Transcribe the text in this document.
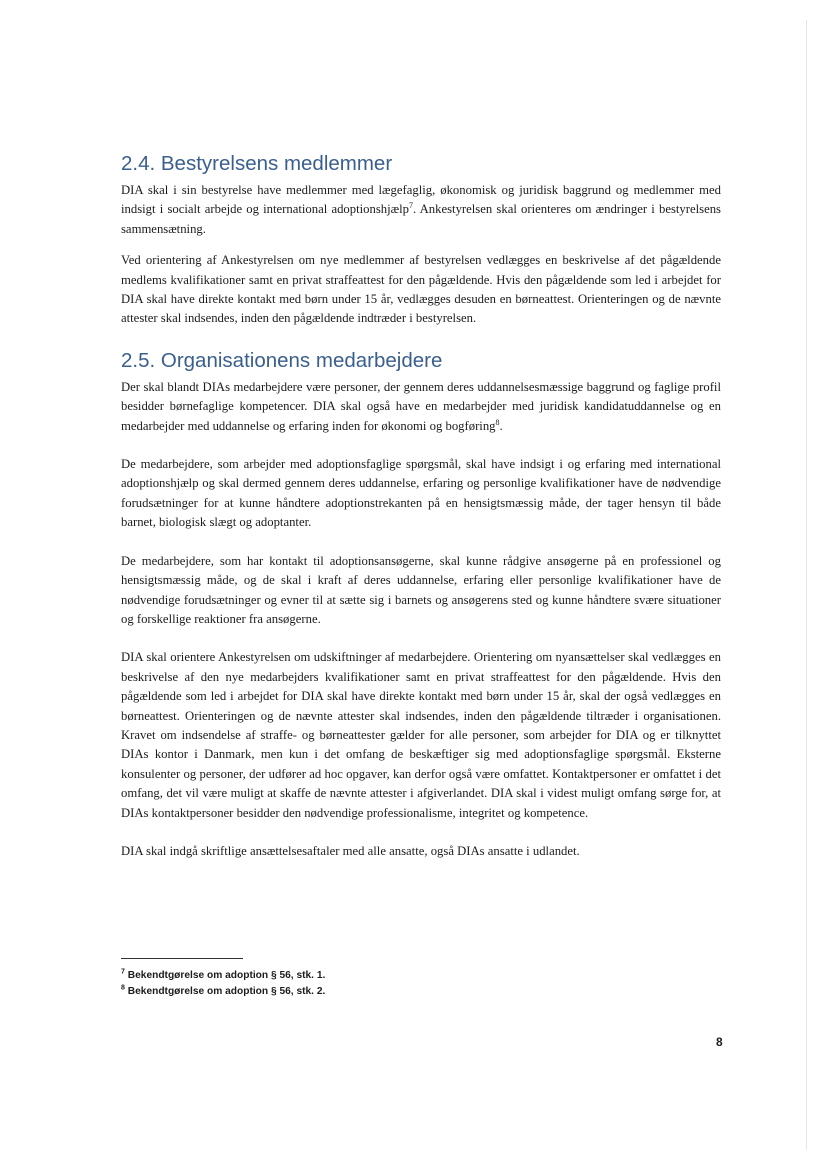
2.4. Bestyrelsens medlemmer

DIA skal i sin bestyrelse have medlemmer med lægefaglig, økonomisk og juridisk baggrund og medlemmer med indsigt i socialt arbejde og international adoptionshjælp$^7$. Ankestyrelsen skal orienteres om ændringer i bestyrelsens sammensætning.

Ved orientering af Ankestyrelsen om nye medlemmer af bestyrelsen vedlægges en beskrivelse af det pågældende medlems kvalifikationer samt en privat straffeattest for den pågældende. Hvis den pågældende som led i arbejdet for DIA skal have direkte kontakt med børn under 15 år, vedlægges desuden en børneattest. Orienteringen og de nævnte attester skal indsendes, inden den pågældende indtræder i bestyrelsen.

2.5. Organisationens medarbejdere

Der skal blandt DIAs medarbejdere være personer, der gennem deres uddannelsesmæssige baggrund og faglige profil besidder børnefaglige kompetencer. DIA skal også have en medarbejder med juridisk kandidatuddannelse og en medarbejder med uddannelse og erfaring inden for økonomi og bogføring$^8$.

De medarbejdere, som arbejder med adoptionsfaglige spørgsmål, skal have indsigt i og erfaring med international adoptionshjælp og skal dermed gennem deres uddannelse, erfaring og personlige kvalifikationer have de nødvendige forudsætninger for at kunne håndtere adoptionstrekanten på en hensigtsmæssig måde, der tager hensyn til både barnet, biologisk slægt og adoptanter.

De medarbejdere, som har kontakt til adoptionsansøgerne, skal kunne rådgive ansøgerne på en professionel og hensigtsmæssig måde, og de skal i kraft af deres uddannelse, erfaring eller personlige kvalifikationer have de nødvendige forudsætninger og evner til at sætte sig i barnets og ansøgerens sted og kunne håndtere svære situationer og forskellige reaktioner fra ansøgerne.

DIA skal orientere Ankestyrelsen om udskiftninger af medarbejdere. Orientering om nyansættelser skal vedlægges en beskrivelse af den nye medarbejders kvalifikationer samt en privat straffeattest for den pågældende. Hvis den pågældende som led i arbejdet for DIA skal have direkte kontakt med børn under 15 år, skal der også vedlægges en børneattest. Orienteringen og de nævnte attester skal indsendes, inden den pågældende tiltræder i organisationen. Kravet om indsendelse af straffe- og børneattester gælder for alle personer, som arbejder for DIA og er tilknyttet DIAs kontor i Danmark, men kun i det omfang de beskæftiger sig med adoptionsfaglige spørgsmål. Eksterne konsulenter og personer, der udfører ad hoc opgaver, kan derfor også være omfattet. Kontaktpersoner er omfattet i det omfang, det vil være muligt at skaffe de nævnte attester i afgiverlandet. DIA skal i videst muligt omfang sørge for, at DIAs kontaktpersoner besidder den nødvendige professionalisme, integritet og kompetence.

DIA skal indgå skriftlige ansættelsesaftaler med alle ansatte, også DIAs ansatte i udlandet.

$^7$ Bekendtgørelse om adoption § 56, stk. 1.
$^8$ Bekendtgørelse om adoption § 56, stk. 2.
8
